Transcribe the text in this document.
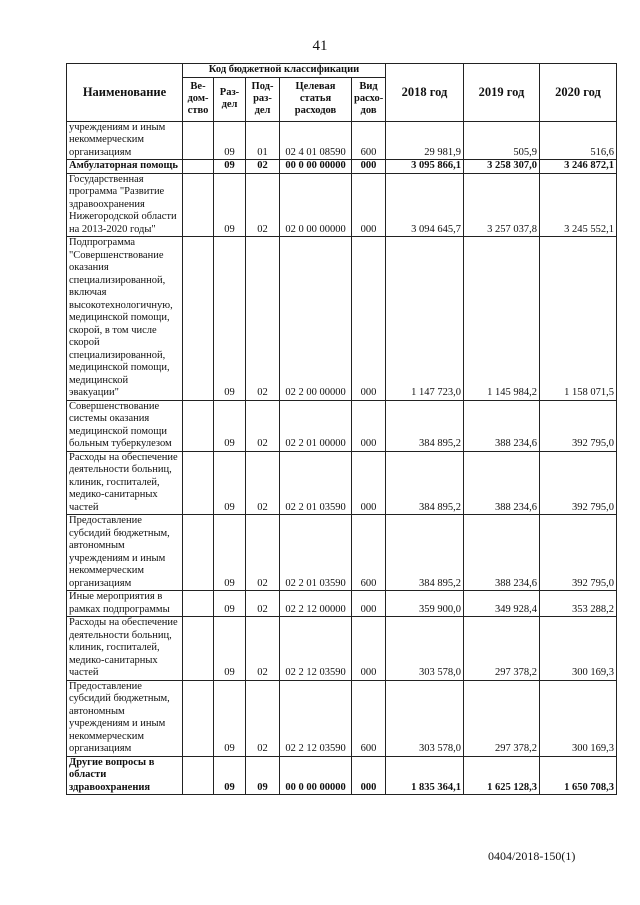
41
Наименование	Код бюджетной классификации					2018 год	2019 год	2020 год
	Ве-
дом-
ство	Раз-
дел	Под-
раз-
дел	Целевая
статья
расходов	Вид
расхо-
дов			
учреждениям и иным некоммерческим организациям		09	01	02 4 01 08590	600	29 981,9	505,9	516,6
Амбулаторная помощь		09	02	00 0 00 00000	000	3 095 866,1	3 258 307,0	3 246 872,1
Государственная программа "Развитие здравоохранения Нижегородской области на 2013-2020 годы"		09	02	02 0 00 00000	000	3 094 645,7	3 257 037,8	3 245 552,1
Подпрограмма "Совершенствование оказания специализированной, включая высокотехнологичную, медицинской помощи, скорой, в том числе скорой специализированной, медицинской помощи, медицинской эвакуации"		09	02	02 2 00 00000	000	1 147 723,0	1 145 984,2	1 158 071,5
Совершенствование системы оказания медицинской помощи больным туберкулезом		09	02	02 2 01 00000	000	384 895,2	388 234,6	392 795,0
Расходы на обеспечение деятельности больниц, клиник, госпиталей, медико-санитарных частей		09	02	02 2 01 03590	000	384 895,2	388 234,6	392 795,0
Предоставление субсидий бюджетным, автономным учреждениям и иным некоммерческим организациям		09	02	02 2 01 03590	600	384 895,2	388 234,6	392 795,0
Иные мероприятия в рамках подпрограммы		09	02	02 2 12 00000	000	359 900,0	349 928,4	353 288,2
Расходы на обеспечение деятельности больниц, клиник, госпиталей, медико-санитарных частей		09	02	02 2 12 03590	000	303 578,0	297 378,2	300 169,3
Предоставление субсидий бюджетным, автономным учреждениям и иным некоммерческим организациям		09	02	02 2 12 03590	600	303 578,0	297 378,2	300 169,3
Другие вопросы в области здравоохранения		09	09	00 0 00 00000	000	1 835 364,1	1 625 128,3	1 650 708,3
0404/2018-150(1)
